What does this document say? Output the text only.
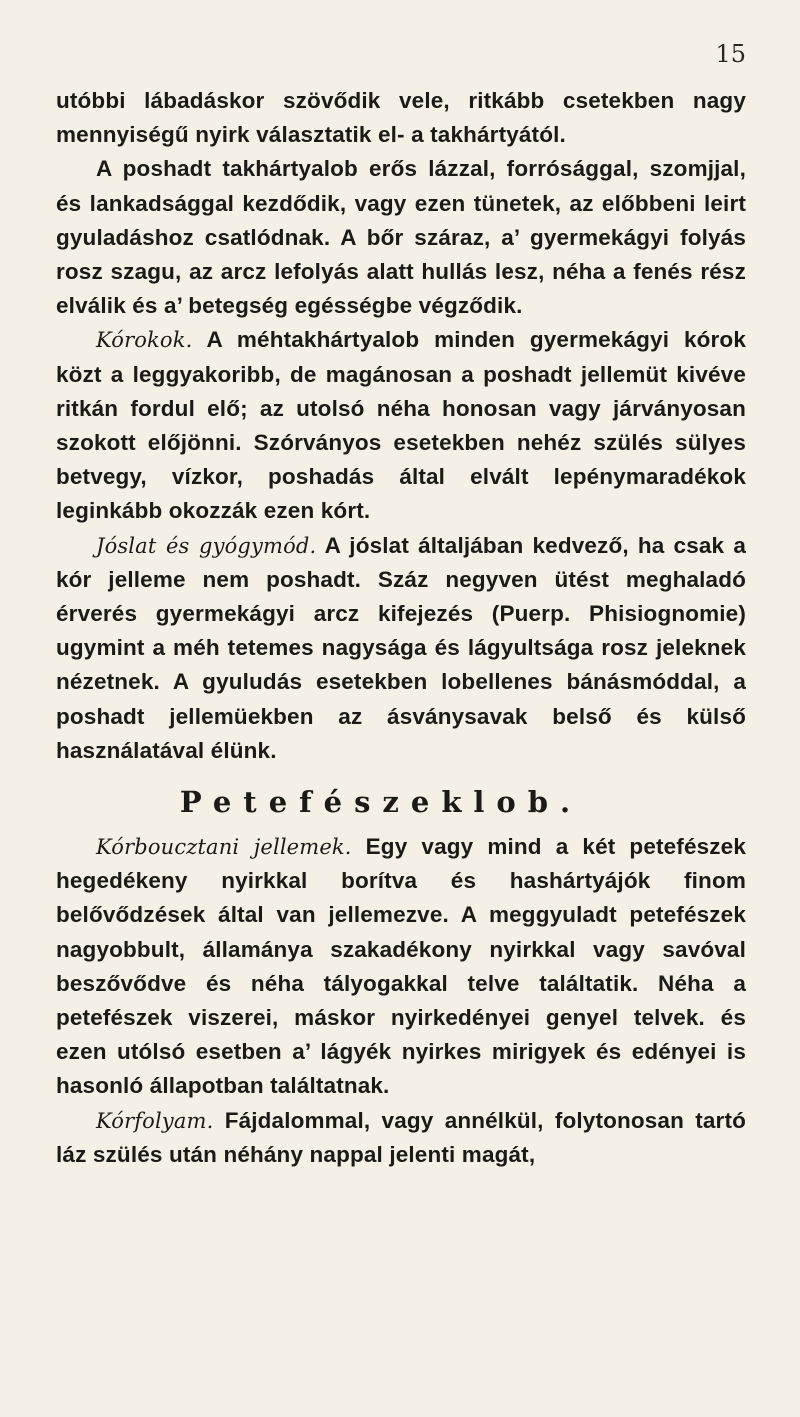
15

utóbbi lábadáskor szövődik vele, ritkább csetekben nagy mennyiségű nyirk választatik el- a takhártyától.

A poshadt takhártyalob erős lázzal, forrósággal, szomjjal, és lankadsággal kezdődik, vagy ezen tünetek, az előbbeni leirt gyuladáshoz csatlódnak. A bőr száraz, a’ gyermekágyi folyás rosz szagu, az arcz lefolyás alatt hullás lesz, néha a fenés rész elválik és a’ betegség egésségbe végződik.

Kórokok. A méhtakhártyalob minden gyermekágyi kórok közt a leggyakoribb, de magánosan a poshadt jellemüt kivéve ritkán fordul elő; az utolsó néha honosan vagy járványosan szokott előjönni. Szórványos esetekben nehéz szülés sülyes betvegy, vízkor, poshadás által elvált lepénymaradékok leginkább okozzák ezen kórt.

Jóslat és gyógymód. A jóslat általjában kedvező, ha csak a kór jelleme nem poshadt. Száz negyven ütést meghaladó érverés gyermekágyi arcz kifejezés (Puerp. Phisiognomie) ugymint a méh tetemes nagysága és lágyultsága rosz jeleknek nézetnek. A gyuludás esetekben lobellenes bánásmóddal, a poshadt jellemüekben az ásványsavak belső és külső használatával élünk.

Petefészeklob.

Kórboucztani jellemek. Egy vagy mind a két petefészek hegedékeny nyirkkal borítva és hashártyájók finom belővődzések által van jellemezve. A meggyuladt petefészek nagyobbult, államánya szakadékony nyirkkal vagy savóval beszővődve és néha tályogakkal telve találtatik. Néha a petefészek viszerei, máskor nyirkedényei genyel telvek. és ezen utólsó esetben a’ lágyék nyirkes mirigyek és edényei is hasonló állapotban találtatnak.

Kórfolyam. Fájdalommal, vagy annélkül, folytonosan tartó láz szülés után néhány nappal jelenti magát,
